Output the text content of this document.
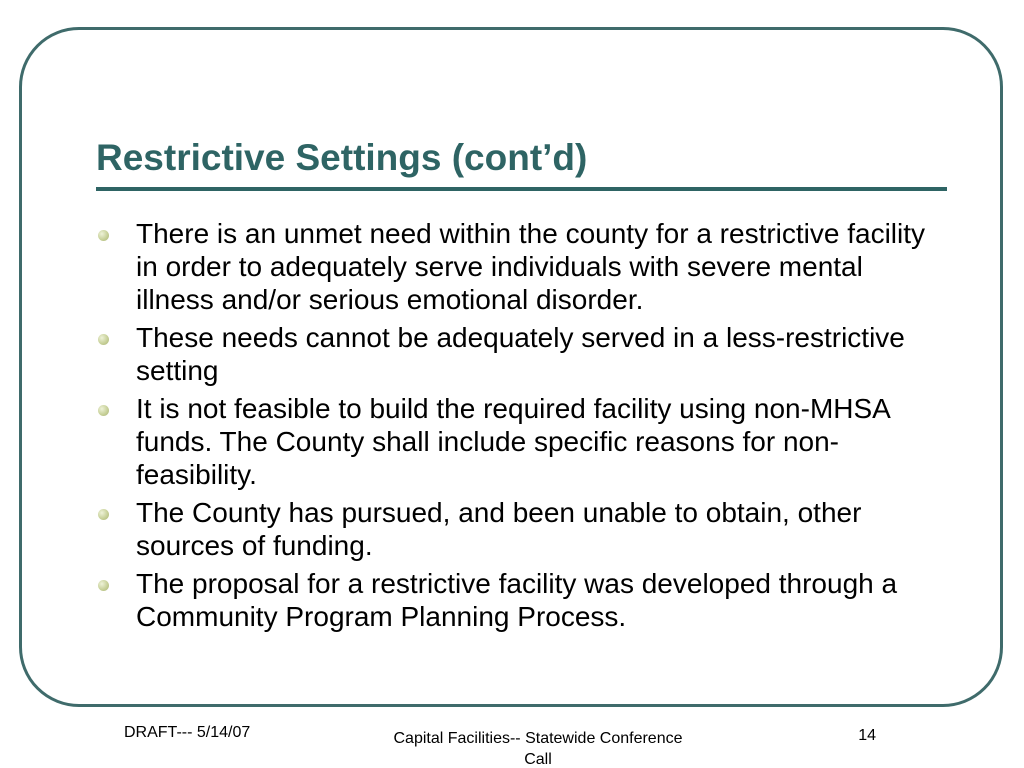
Restrictive Settings (cont’d)
There is an unmet need within the county for a restrictive facility in order to adequately serve individuals with severe mental illness and/or serious emotional disorder.
These needs cannot be adequately served in a less-restrictive setting
It is not feasible to build the required facility using non-MHSA funds. The County shall include specific reasons for non-feasibility.
The County has pursued, and been unable to obtain, other sources of funding.
The proposal for a restrictive facility was developed through a Community Program Planning Process.
DRAFT--- 5/14/07	Capital Facilities-- Statewide Conference Call
14
